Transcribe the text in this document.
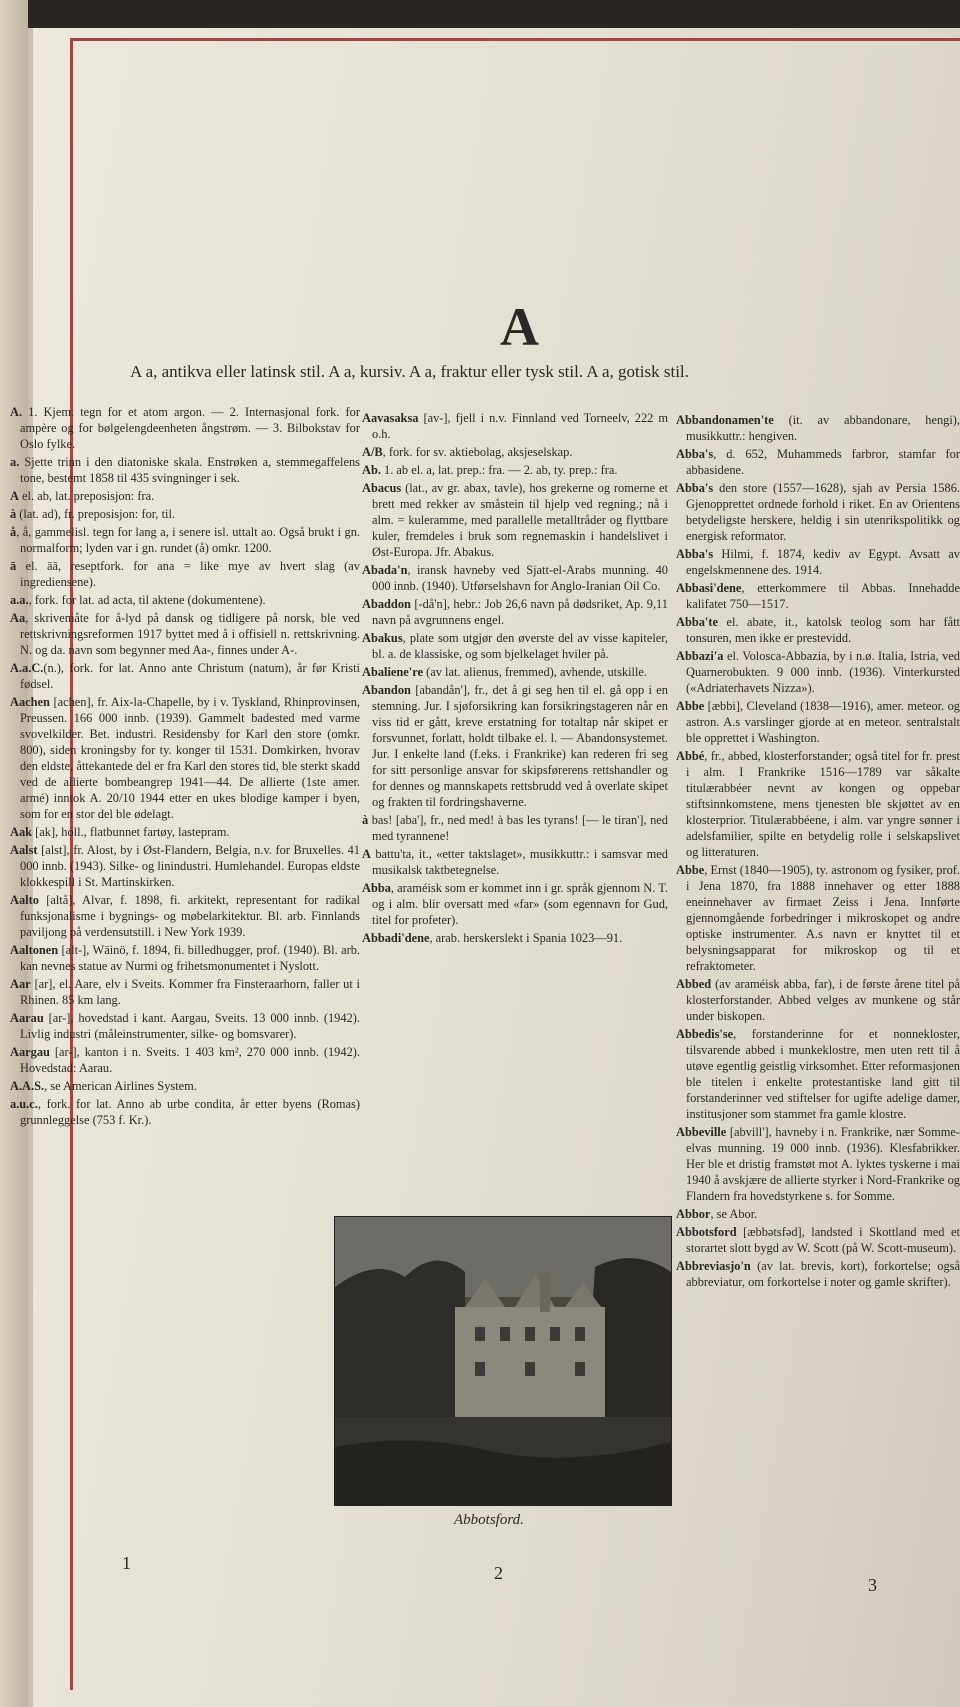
A
A a, antikva eller latinsk stil. A a, kursiv. A a, fraktur eller tysk stil. A a, gotisk stil.
A. 1. Kjem. tegn for et atom argon. — 2. Internasjonal fork. for ampère og for bølgelengdeenheten ångstrøm. — 3. Bilbokstav for Oslo fylke.
a. Sjette trinn i den diatoniske skala. Enstrøken a, stemmegaffelens tone, bestemt 1858 til 435 svingninger i sek.
A el. ab, lat. preposisjon: fra.
à (lat. ad), fr. preposisjon: for, til.
å, å, gammelisl. tegn for lang a, i senere isl. uttalt ao. Også brukt i gn. normalform; lyden var i gn. rundet (å) omkr. 1200.
ā el. āā, reseptfork. for ana = like mye av hvert slag (av ingrediensene).
a.a., fork. for lat. ad acta, til aktene (dokumentene).
Aa, skrivemåte for å-lyd på dansk og tidligere på norsk, ble ved rettskrivningsreformen 1917 byttet med å i offisiell n. rettskrivning. N. og da. navn som begynner med Aa-, finnes under A-.
A.a.C.(n.), fork. for lat. Anno ante Christum (natum), år før Kristi fødsel.
Aachen [achen], fr. Aix-la-Chapelle, by i v. Tyskland, Rhinprovinsen, Preussen. 166 000 innb. (1939). Gammelt badested med varme svovelkilder. Bet. industri. Residensby for Karl den store (omkr. 800), siden kroningsby for ty. konger til 1531. Domkirken, hvorav den eldste, åttekantede del er fra Karl den stores tid, ble sterkt skadd ved de allierte bombeangrep 1941—44. De allierte (1ste amer. armé) inntok A. 20/10 1944 etter en ukes blodige kamper i byen, som for en stor del ble ødelagt.
Aak [ak], holl., flatbunnet fartøy, lastepram.
Aalst [alst], fr. Alost, by i Øst-Flandern, Belgia, n.v. for Bruxelles. 41 000 innb. (1943). Silke- og linindustri. Humlehandel. Europas eldste klokkespill i St. Martinskirken.
Aalto [altå], Alvar, f. 1898, fi. arkitekt, representant for radikal funksjonalisme i bygnings- og møbelarkitektur. Bl. arb. Finnlands paviljong på verdensutstill. i New York 1939.
Aaltonen [alt-], Wäinö, f. 1894, fi. billedhugger, prof. (1940). Bl. arb. kan nevnes statue av Nurmi og frihetsmonumentet i Nyslott.
Aar [ar], el. Aare, elv i Sveits. Kommer fra Finsteraarhorn, faller ut i Rhinen. 85 km lang.
Aarau [ar-], hovedstad i kant. Aargau, Sveits. 13 000 innb. (1942). Livlig industri (måleinstrumenter, silke- og bomsvarer).
Aargau [ar-], kanton i n. Sveits. 1 403 km², 270 000 innb. (1942). Hovedstad: Aarau.
A.A.S., se American Airlines System.
a.u.c., fork. for lat. Anno ab urbe condita, år etter byens (Romas) grunnleggelse (753 f. Kr.).
Aavasaksa [av-], fjell i n.v. Finnland ved Torneelv, 222 m o.h.
A/B, fork. for sv. aktiebolag, aksjeselskap.
Ab. 1. ab el. a, lat. prep.: fra. — 2. ab, ty. prep.: fra.
Abacus (lat., av gr. abax, tavle), hos grekerne og romerne et brett med rekker av småstein til hjelp ved regning.; nå i alm. = kuleramme, med parallelle metalltråder og flyttbare kuler, fremdeles i bruk som regnemaskin i handelslivet i Øst-Europa. Jfr. Abakus.
Abada'n, iransk havneby ved Sjatt-el-Arabs munning. 40 000 innb. (1940). Utførselshavn for Anglo-Iranian Oil Co.
Abaddon [-då'n], hebr.: Job 26,6 navn på dødsriket, Ap. 9,11 navn på avgrunnens engel.
Abakus, plate som utgjør den øverste del av visse kapiteler, bl. a. de klassiske, og som bjelkelaget hviler på.
Abaliene're (av lat. alienus, fremmed), avhende, utskille.
Abandon [abandån'], fr., det å gi seg hen til el. gå opp i en stemning. Jur. I sjøforsikring kan forsikringstageren når en viss tid er gått, kreve erstatning for totaltap når skipet er forsvunnet, forlatt, holdt tilbake el. l. — Abandonsystemet. Jur. I enkelte land (f.eks. i Frankrike) kan rederen fri seg for sitt personlige ansvar for skipsførerens rettshandler og for dennes og mannskapets rettsbrudd ved å overlate skipet og frakten til fordringshaverne.
à bas! [aba'], fr., ned med! à bas les tyrans! [— le tiran'], ned med tyrannene!
A battu'ta, it., «etter taktslaget», musikkuttr.: i samsvar med musikalsk taktbetegnelse.
Abba, araméisk som er kommet inn i gr. språk gjennom N. T. og i alm. blir oversatt med «far» (som egennavn for Gud, titel for profeter).
Abbadi'dene, arab. herskerslekt i Spania 1023—91.
Abbandonamen'te (it. av abbandonare, hengi), musikkuttr.: hengiven.
Abba's, d. 652, Muhammeds farbror, stamfar for abbasidene.
Abba's den store (1557—1628), sjah av Persia 1586. Gjenopprettet ordnede forhold i riket. En av Orientens betydeligste herskere, heldig i sin utenrikspolitikk og energisk reformator.
Abba's Hilmi, f. 1874, kediv av Egypt. Avsatt av engelskmennene des. 1914.
Abbasi'dene, etterkommere til Abbas. Innehadde kalifatet 750—1517.
Abba'te el. abate, it., katolsk teolog som har fått tonsuren, men ikke er prestevidd.
Abbazi'a el. Volosca-Abbazia, by i n.ø. Italia, Istria, ved Quarnerobukten. 9 000 innb. (1936). Vinterkursted («Adriaterhavets Nizza»).
Abbe [æbbi], Cleveland (1838—1916), amer. meteor. og astron. A.s varslinger gjorde at en meteor. sentralstalt ble opprettet i Washington.
Abbé, fr., abbed, klosterforstander; også titel for fr. prest i alm. I Frankrike 1516—1789 var såkalte titulærabbéer nevnt av kongen og oppebar stiftsinnkomstene, mens tjenesten ble skjøttet av en klosterprior. Titulærabbéene, i alm. var yngre sønner i adelsfamilier, spilte en betydelig rolle i selskapslivet og litteraturen.
Abbe, Ernst (1840—1905), ty. astronom og fysiker, prof. i Jena 1870, fra 1888 innehaver og etter 1888 eneinnehaver av firmaet Zeiss i Jena. Innførte gjennomgående forbedringer i mikroskopet og andre optiske instrumenter. A.s navn er knyttet til et belysningsapparat for mikroskop og til et refraktometer.
Abbed (av araméisk abba, far), i de første årene titel på klosterforstander. Abbed velges av munkene og står under biskopen.
Abbedis'se, forstanderinne for et nonnekloster, tilsvarende abbed i munkeklostre, men uten rett til å utøve egentlig geistlig virksomhet. Etter reformasjonen ble titelen i enkelte protestantiske land gitt til forstanderinner ved stiftelser for ugifte adelige damer, institusjoner som stammet fra gamle klostre.
Abbeville [abvill'], havneby i n. Frankrike, nær Somme-elvas munning. 19 000 innb. (1936). Klesfabrikker. Her ble et dristig framstøt mot A. lyktes tyskerne i mai 1940 å avskjære de allierte styrker i Nord-Frankrike og Flandern fra hovedstyrkene s. for Somme.
Abbor, se Abor.
Abbotsford [æbbətsfəd], landsted i Skottland med et storartet slott bygd av W. Scott (på W. Scott-museum).
Abbreviasjo'n (av lat. brevis, kort), forkortelse; også abbreviatur, om forkortelse i noter og gamle skrifter).
Abbotsford.
1	2
3
